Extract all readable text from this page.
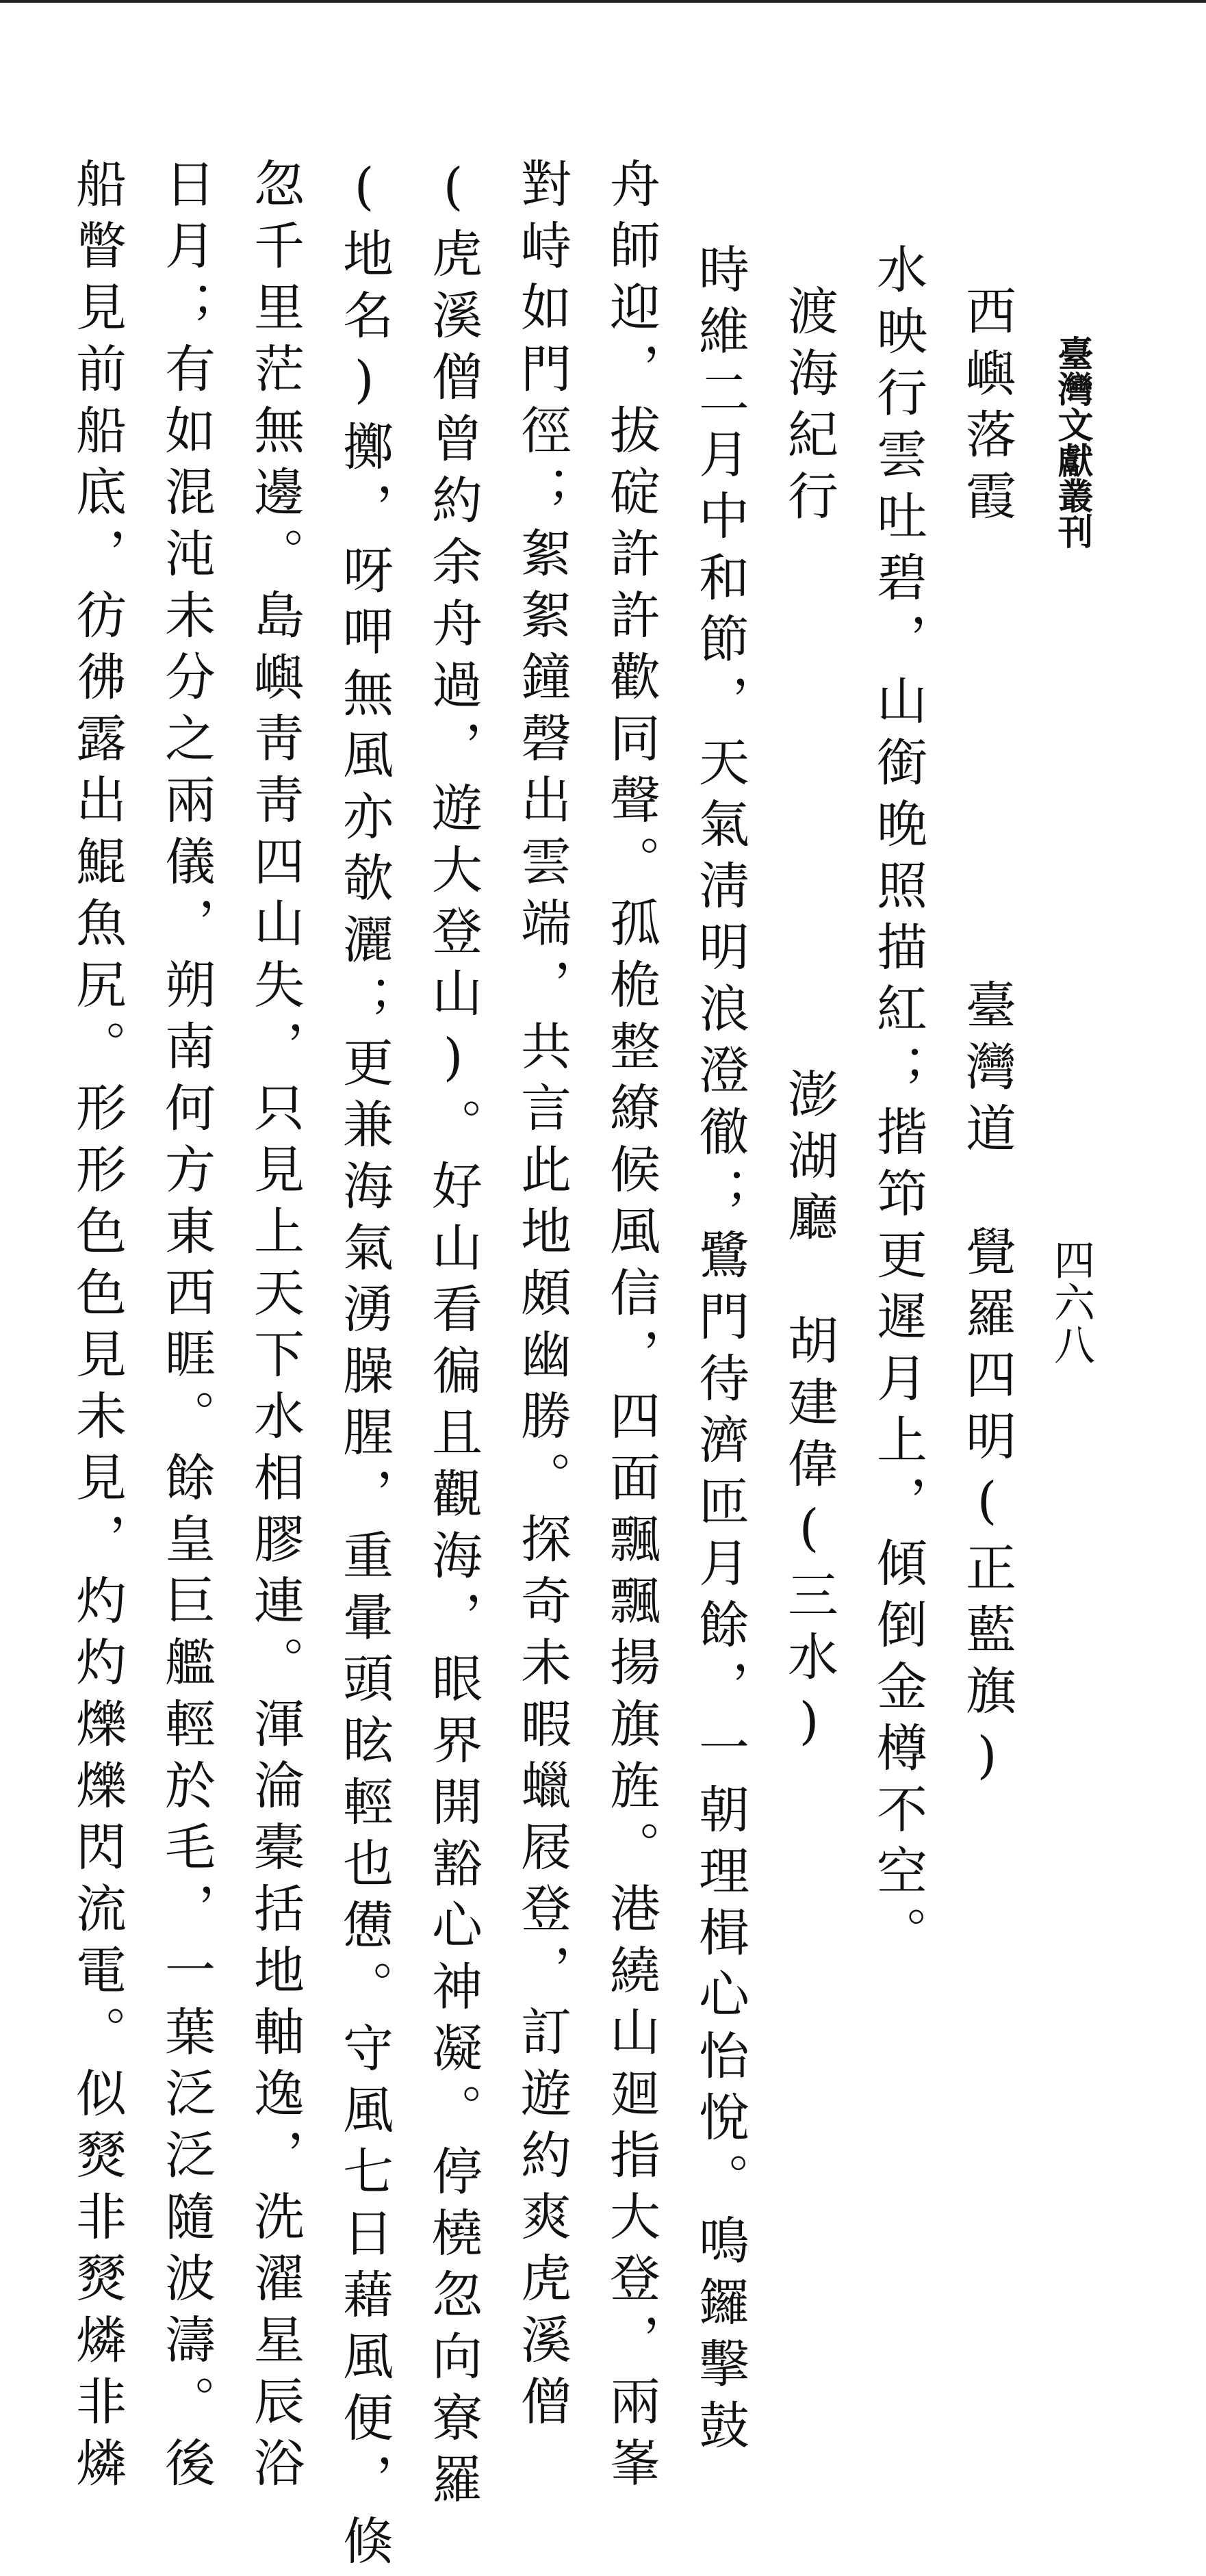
臺灣文獻叢刊
四六八
西嶼落霞
臺灣道　覺羅四明(正藍旗)
水映行雲吐碧，山銜晚照描紅；揩笻更遲月上，傾倒金樽不空。
渡海紀行
澎湖廳　胡建偉(三水)
時維二月中和節，天氣淸明浪澄徹；鷺門待濟匝月餘，一朝理楫心怡悅。鳴鑼擊鼓
舟師迎，拔碇許許歡同聲。孤桅整繚候風信，四面飄飄揚旗旌。港繞山廻指大登，兩峯
對峙如門徑；絮絮鐘磬出雲端，共言此地頗幽勝。探奇未暇蠟屐登，訂遊約爽虎溪僧
(虎溪僧曾約余舟過，遊大登山)。好山看徧且觀海，眼界開豁心神凝。停橈忽向寮羅
(地名)擲，呀呷無風亦欹灑；更兼海氣湧臊腥，重暈頭眩輕也憊。守風七日藉風便，倏
忽千里茫無邊。島嶼靑靑四山失，只見上天下水相膠連。渾淪橐括地軸逸，洗濯星辰浴
日月；有如混沌未分之兩儀，朔南何方東西睚。餘皇巨艦輕於毛，一葉泛泛隨波濤。後
船瞥見前船底，彷彿露出鯤魚尻。形形色色見未見，灼灼爍爍閃流電。似燹非燹燐非燐
